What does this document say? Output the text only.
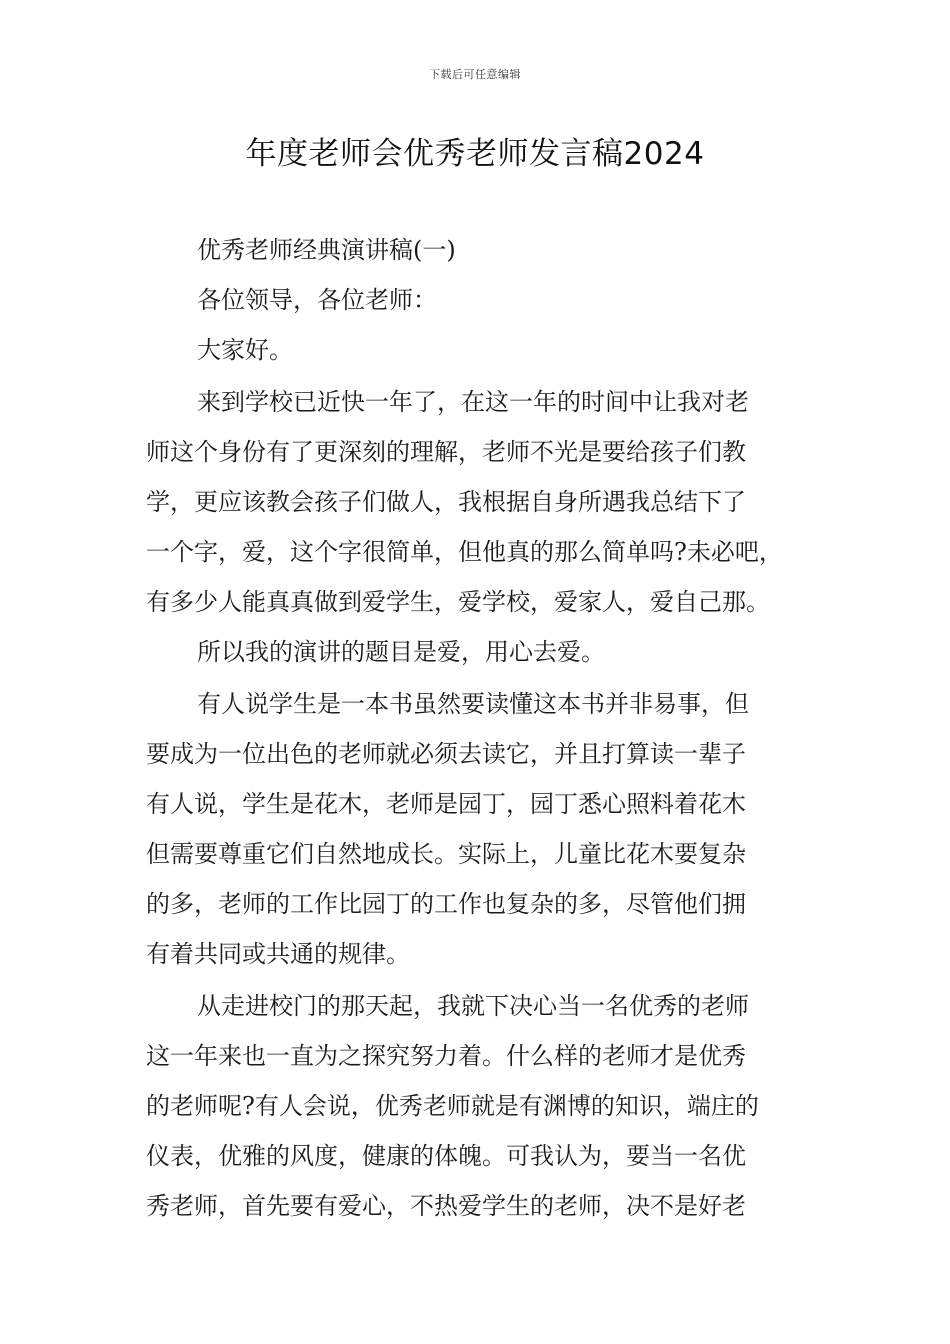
下载后可任意编辑
年度老师会优秀老师发言稿2024
优秀老师经典演讲稿(一)
各位领导，各位老师：
大家好。
来到学校已近快一年了，在这一年的时间中让我对老
师这个身份有了更深刻的理解，老师不光是要给孩子们教
学，更应该教会孩子们做人，我根据自身所遇我总结下了
一个字，爱，这个字很简单，但他真的那么简单吗?未必吧，
有多少人能真真做到爱学生，爱学校，爱家人，爱自己那。
所以我的演讲的题目是爱，用心去爱。
有人说学生是一本书虽然要读懂这本书并非易事，但
要成为一位出色的老师就必须去读它，并且打算读一辈子
有人说，学生是花木，老师是园丁，园丁悉心照料着花木
但需要尊重它们自然地成长。实际上，儿童比花木要复杂
的多，老师的工作比园丁的工作也复杂的多，尽管他们拥
有着共同或共通的规律。
从走进校门的那天起，我就下决心当一名优秀的老师
这一年来也一直为之探究努力着。什么样的老师才是优秀
的老师呢?有人会说，优秀老师就是有渊博的知识，端庄的
仪表，优雅的风度，健康的体魄。可我认为，要当一名优
秀老师，首先要有爱心，不热爱学生的老师，决不是好老
